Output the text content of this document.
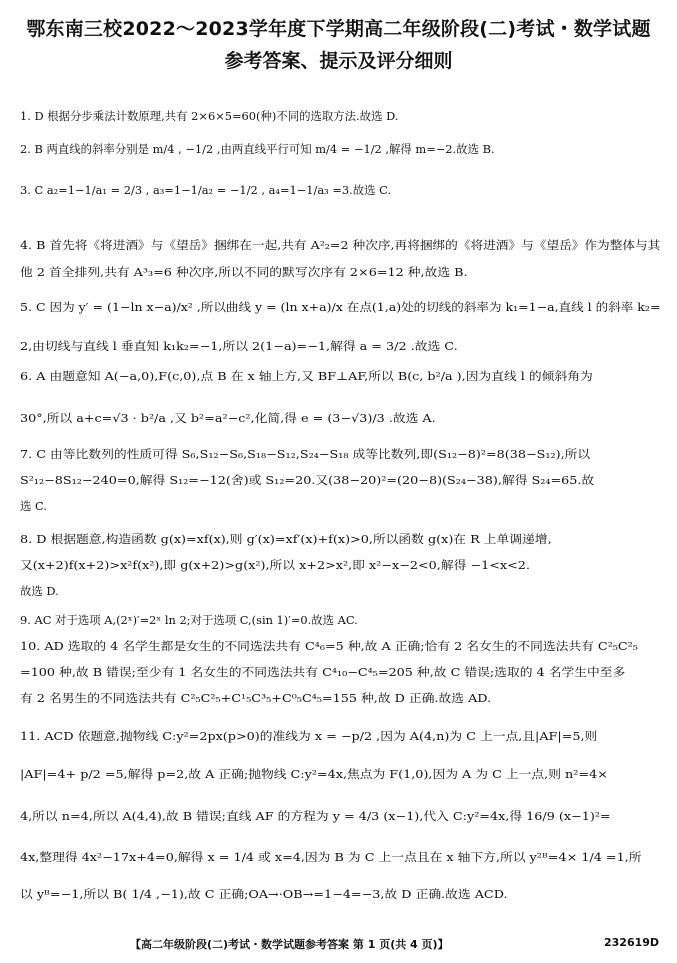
鄂东南三校2022～2023学年度下学期高二年级阶段(二)考试・数学试题
参考答案、提示及评分细则
1. D 根据分步乘法计数原理,共有 2×6×5=60(种)不同的选取方法.故选 D.
2. B 两直线的斜率分别是 m/4 , −1/2 ,由两直线平行可知 m/4 = −1/2 ,解得 m=−2.故选 B.
3. C a₂=1−1/a₁ = 2/3 , a₃=1−1/a₂ = −1/2 , a₄=1−1/a₃ =3.故选 C.
4. B 首先将《将进酒》与《望岳》捆绑在一起,共有 A²₂=2 种次序,再将捆绑的《将进酒》与《望岳》作为整体与其
他 2 首全排列,共有 A³₃=6 种次序,所以不同的默写次序有 2×6=12 种,故选 B.
5. C 因为 y′ = (1−ln x−a)/x² ,所以曲线 y = (ln x+a)/x 在点(1,a)处的切线的斜率为 k₁=1−a,直线 l 的斜率 k₂=
2,由切线与直线 l 垂直知 k₁k₂=−1,所以 2(1−a)=−1,解得 a = 3/2 .故选 C.
6. A 由题意知 A(−a,0),F(c,0),点 B 在 x 轴上方,又 BF⊥AF,所以 B(c, b²/a ),因为直线 l 的倾斜角为
30°,所以 a+c=√3 · b²/a ,又 b²=a²−c²,化简,得 e = (3−√3)/3 .故选 A.
7. C 由等比数列的性质可得 S₆,S₁₂−S₆,S₁₈−S₁₂,S₂₄−S₁₈ 成等比数列,即(S₁₂−8)²=8(38−S₁₂),所以
S²₁₂−8S₁₂−240=0,解得 S₁₂=−12(舍)或 S₁₂=20.又(38−20)²=(20−8)(S₂₄−38),解得 S₂₄=65.故
选 C.
8. D 根据题意,构造函数 g(x)=xf(x),则 g′(x)=xf′(x)+f(x)>0,所以函数 g(x)在 R 上单调递增,
又(x+2)f(x+2)>x²f(x²),即 g(x+2)>g(x²),所以 x+2>x²,即 x²−x−2<0,解得 −1<x<2.
故选 D.
9. AC 对于选项 A,(2ˣ)′=2ˣ ln 2;对于选项 C,(sin 1)′=0.故选 AC.
10. AD 选取的 4 名学生都是女生的不同选法共有 C⁴₆=5 种,故 A 正确;恰有 2 名女生的不同选法共有 C²₅C²₅
=100 种,故 B 错误;至少有 1 名女生的不同选法共有 C⁴₁₀−C⁴₅=205 种,故 C 错误;选取的 4 名学生中至多
有 2 名男生的不同选法共有 C²₅C²₅+C¹₅C³₅+C⁰₅C⁴₅=155 种,故 D 正确.故选 AD.
11. ACD 依题意,抛物线 C:y²=2px(p>0)的准线为 x = −p/2 ,因为 A(4,n)为 C 上一点,且|AF|=5,则
|AF|=4+ p/2 =5,解得 p=2,故 A 正确;抛物线 C:y²=4x,焦点为 F(1,0),因为 A 为 C 上一点,则 n²=4×
4,所以 n=4,所以 A(4,4),故 B 错误;直线 AF 的方程为 y = 4/3 (x−1),代入 C:y²=4x,得 16/9 (x−1)²=
4x,整理得 4x²−17x+4=0,解得 x = 1/4 或 x=4,因为 B 为 C 上一点且在 x 轴下方,所以 y²ᴮ=4× 1/4 =1,所
以 yᴮ=−1,所以 B( 1/4 ,−1),故 C 正确;OA→·OB→=1−4=−3,故 D 正确.故选 ACD.
【高二年级阶段(二)考试・数学试题参考答案 第 1 页(共 4 页)】	232619D
